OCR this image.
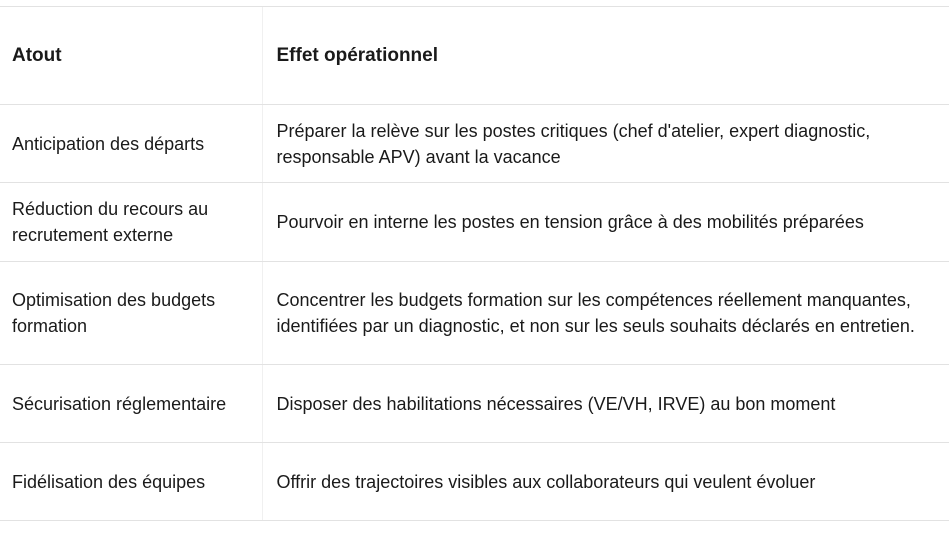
Atout	Effet opérationnel
Anticipation des départs	Préparer la relève sur les postes critiques (chef d'atelier, expert diagnostic, responsable APV) avant la vacance
Réduction du recours au recrutement externe	Pourvoir en interne les postes en tension grâce à des mobilités préparées
Optimisation des budgets formation	Concentrer les budgets formation sur les compétences réellement manquantes, identifiées par un diagnostic, et non sur les seuls souhaits déclarés en entretien.
Sécurisation réglementaire	Disposer des habilitations nécessaires (VE/VH, IRVE) au bon moment
Fidélisation des équipes	Offrir des trajectoires visibles aux collaborateurs qui veulent évoluer
